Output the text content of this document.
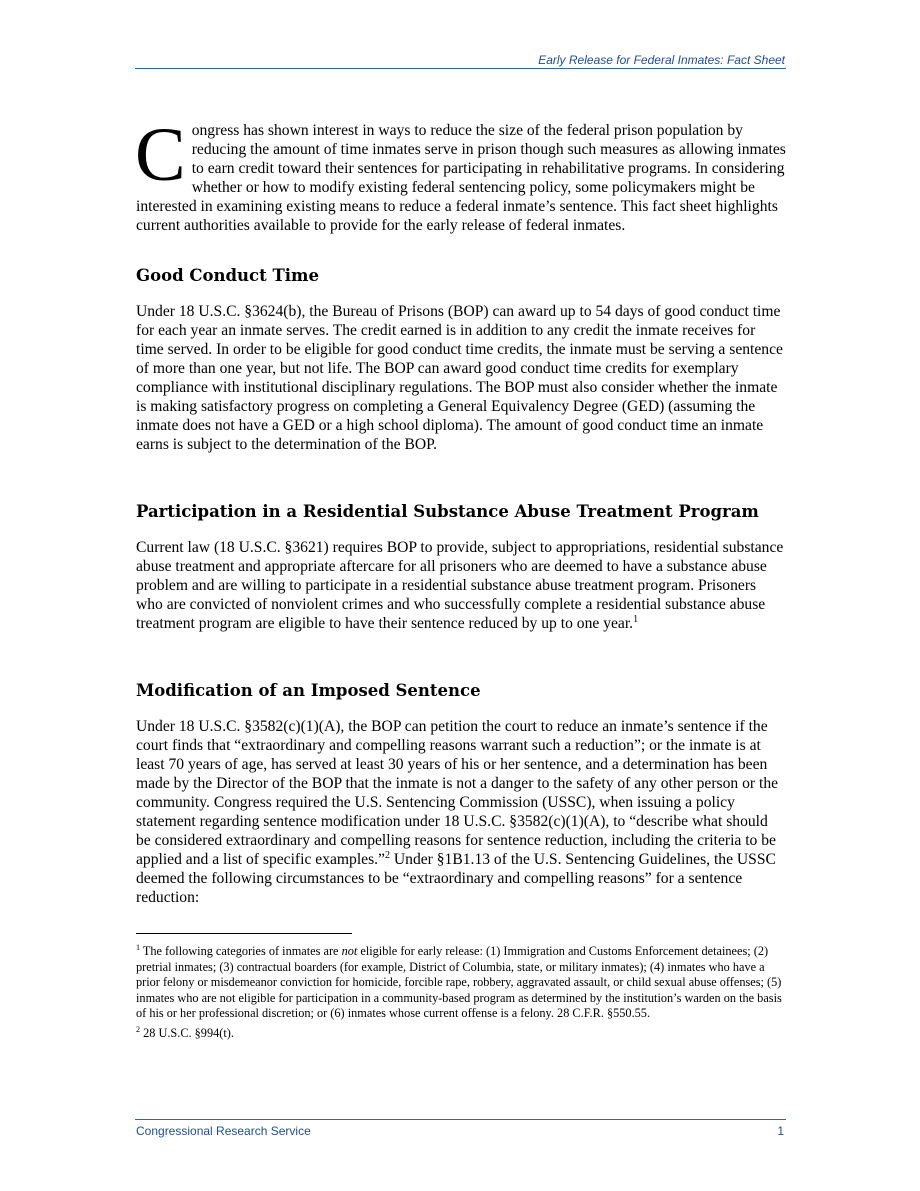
Early Release for Federal Inmates: Fact Sheet

Congress has shown interest in ways to reduce the size of the federal prison population by reducing the amount of time inmates serve in prison though such measures as allowing inmates to earn credit toward their sentences for participating in rehabilitative programs. In considering whether or how to modify existing federal sentencing policy, some policymakers might be interested in examining existing means to reduce a federal inmate’s sentence. This fact sheet highlights current authorities available to provide for the early release of federal inmates.

Good Conduct Time

Under 18 U.S.C. §3624(b), the Bureau of Prisons (BOP) can award up to 54 days of good conduct time for each year an inmate serves. The credit earned is in addition to any credit the inmate receives for time served. In order to be eligible for good conduct time credits, the inmate must be serving a sentence of more than one year, but not life. The BOP can award good conduct time credits for exemplary compliance with institutional disciplinary regulations. The BOP must also consider whether the inmate is making satisfactory progress on completing a General Equivalency Degree (GED) (assuming the inmate does not have a GED or a high school diploma). The amount of good conduct time an inmate earns is subject to the determination of the BOP.

Participation in a Residential Substance Abuse Treatment Program

Current law (18 U.S.C. §3621) requires BOP to provide, subject to appropriations, residential substance abuse treatment and appropriate aftercare for all prisoners who are deemed to have a substance abuse problem and are willing to participate in a residential substance abuse treatment program. Prisoners who are convicted of nonviolent crimes and who successfully complete a residential substance abuse treatment program are eligible to have their sentence reduced by up to one year.$^1$

Modification of an Imposed Sentence

Under 18 U.S.C. §3582(c)(1)(A), the BOP can petition the court to reduce an inmate’s sentence if the court finds that “extraordinary and compelling reasons warrant such a reduction”; or the inmate is at least 70 years of age, has served at least 30 years of his or her sentence, and a determination has been made by the Director of the BOP that the inmate is not a danger to the safety of any other person or the community. Congress required the U.S. Sentencing Commission (USSC), when issuing a policy statement regarding sentence modification under 18 U.S.C. §3582(c)(1)(A), to “describe what should be considered extraordinary and compelling reasons for sentence reduction, including the criteria to be applied and a list of specific examples.”$^2$ Under §1B1.13 of the U.S. Sentencing Guidelines, the USSC deemed the following circumstances to be “extraordinary and compelling reasons” for a sentence reduction:

$^1$ The following categories of inmates are not eligible for early release: (1) Immigration and Customs Enforcement detainees; (2) pretrial inmates; (3) contractual boarders (for example, District of Columbia, state, or military inmates); (4) inmates who have a prior felony or misdemeanor conviction for homicide, forcible rape, robbery, aggravated assault, or child sexual abuse offenses; (5) inmates who are not eligible for participation in a community-based program as determined by the institution’s warden on the basis of his or her professional discretion; or (6) inmates whose current offense is a felony. 28 C.F.R. §550.55.

$^2$ 28 U.S.C. §994(t).

Congressional Research Service	1
